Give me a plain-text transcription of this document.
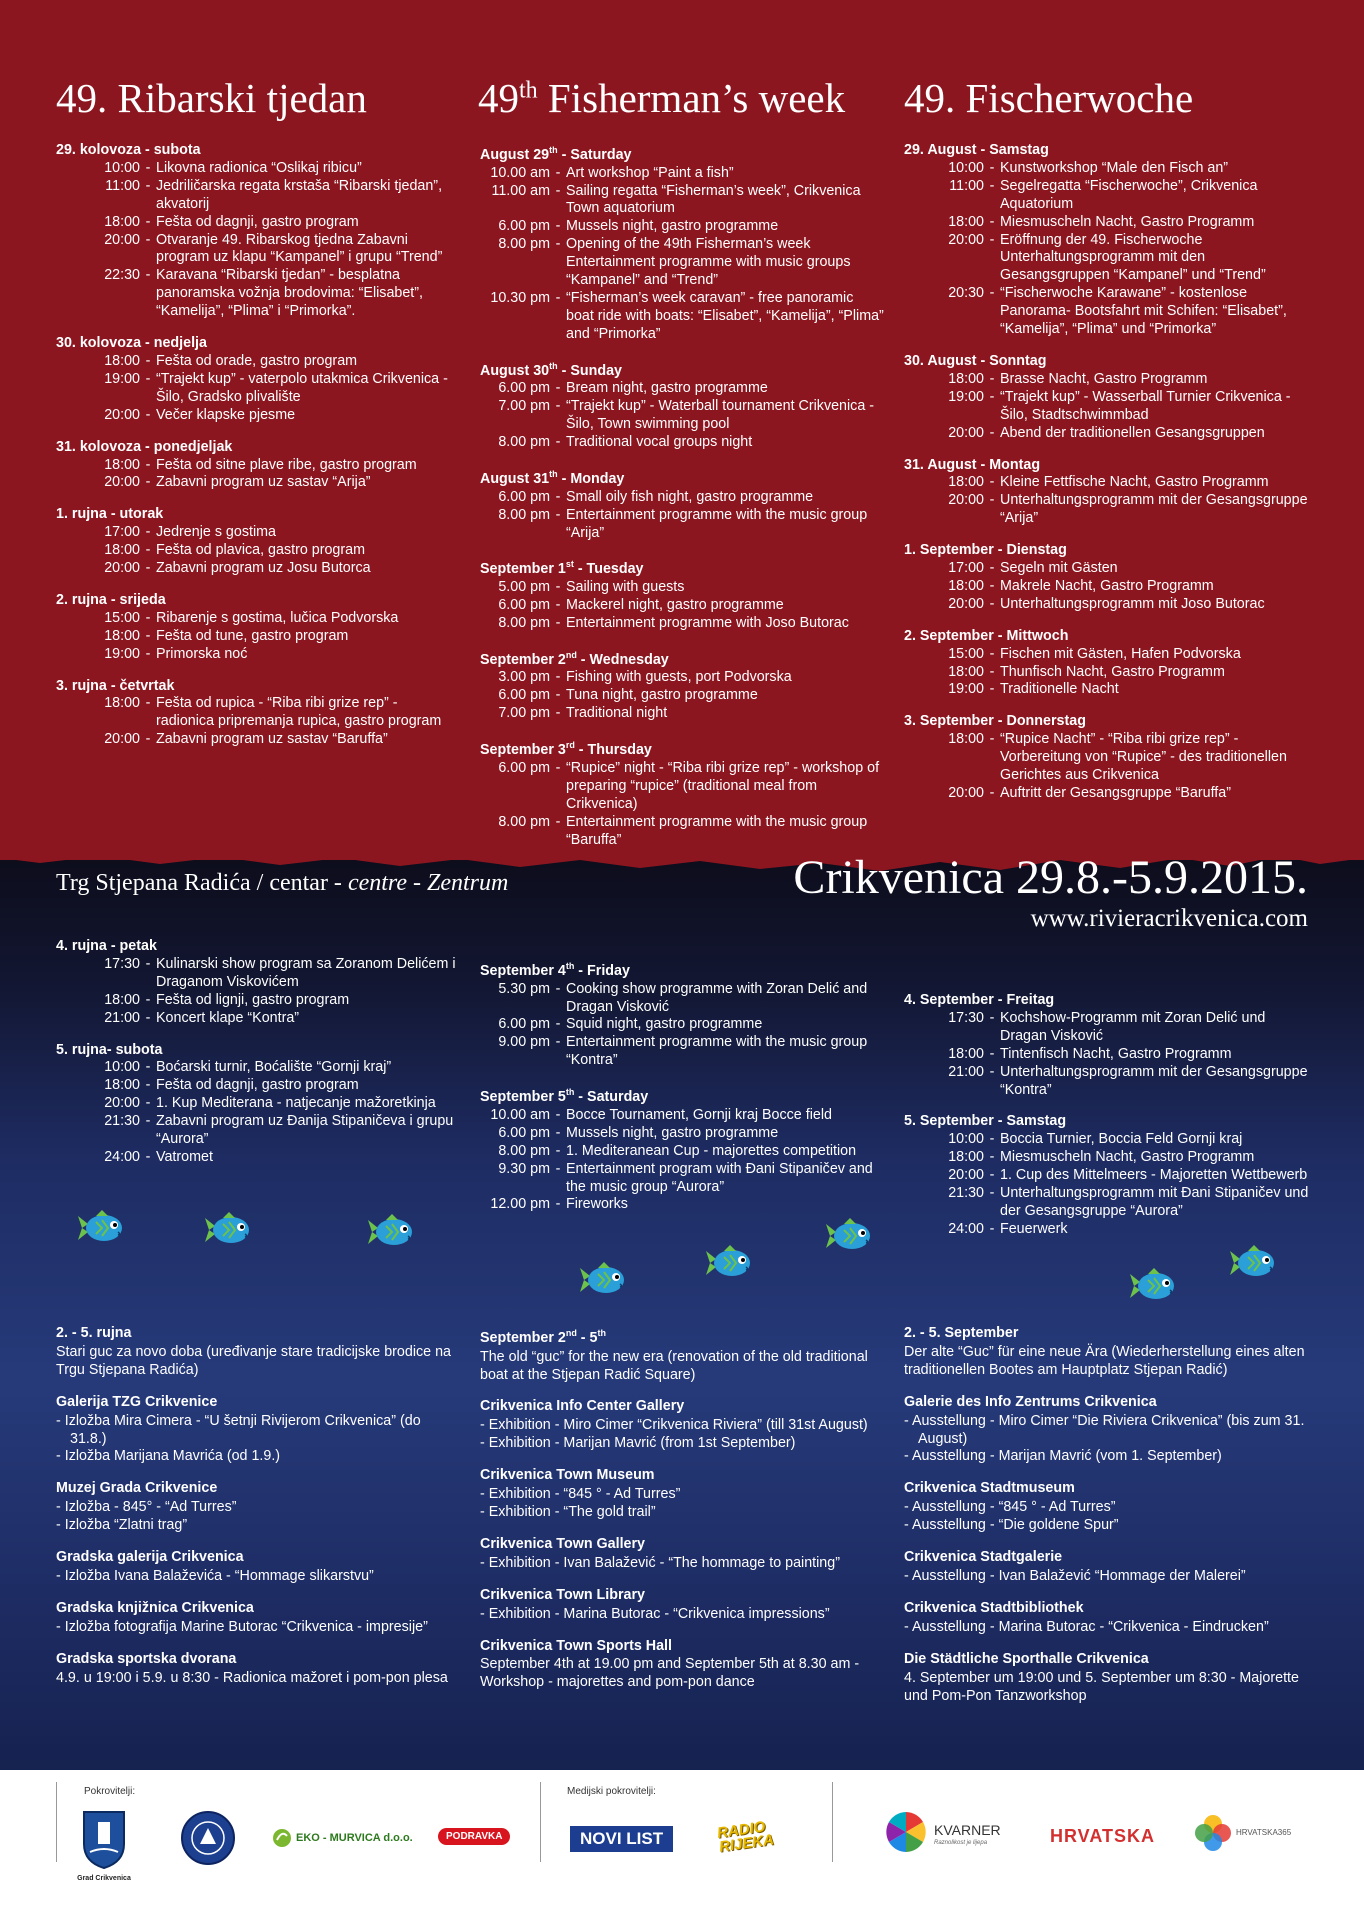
49. Ribarski tjedan	49th Fisherman’s week 49. Fischerwoche
29. kolovoza - subota
10:00 - Likovna radionica “Oslikaj ribicu”
11:00 - Jedriličarska regata krstaša “Ribarski tjedan”, akvatorij
18:00 - Fešta od dagnji, gastro program
20:00 - Otvaranje 49. Ribarskog tjedna Zabavni program uz klapu “Kampanel” i grupu “Trend”
22:30 - Karavana “Ribarski tjedan” - besplatna panoramska vožnja brodovima: “Elisabet”, “Kamelija”, “Plima” i “Primorka”.
30. kolovoza - nedjelja
18:00 - Fešta od orade, gastro program
19:00 - “Trajekt kup” - vaterpolo utakmica Crikvenica - Šilo, Gradsko plivalište
20:00 - Večer klapske pjesme
31. kolovoza - ponedjeljak
18:00 - Fešta od sitne plave ribe, gastro program
20:00 - Zabavni program uz sastav “Arija”
1. rujna - utorak
17:00 - Jedrenje s gostima
18:00 - Fešta od plavica, gastro program
20:00 - Zabavni program uz Josu Butorca
2. rujna - srijeda
15:00 - Ribarenje s gostima, lučica Podvorska
18:00 - Fešta od tune, gastro program
19:00 - Primorska noć
3. rujna - četvrtak
18:00 - Fešta od rupica - “Riba ribi grize rep” - radionica pripremanja rupica, gastro program
20:00 - Zabavni program uz sastav “Baruffa”
August 29th - Saturday
10.00 am - Art workshop “Paint a fish”
11.00 am - Sailing regatta “Fisherman’s week”, Crikvenica Town aquatorium
6.00 pm - Mussels night, gastro programme
8.00 pm - Opening of the 49th Fisherman’s week Entertainment programme with music groups “Kampanel” and “Trend”
10.30 pm - “Fisherman’s week caravan” - free panoramic boat ride with boats: “Elisabet”, “Kamelija”, “Plima” and “Primorka”
August 30th - Sunday
6.00 pm - Bream night, gastro programme
7.00 pm - “Trajekt kup” - Waterball tournament Crikvenica - Šilo, Town swimming pool
8.00 pm - Traditional vocal groups night
August 31th - Monday
6.00 pm - Small oily fish night, gastro programme
8.00 pm - Entertainment programme with the music group “Arija”
September 1st - Tuesday
5.00 pm - Sailing with guests
6.00 pm - Mackerel night, gastro programme
8.00 pm - Entertainment programme with Joso Butorac
September 2nd - Wednesday
3.00 pm - Fishing with guests, port Podvorska
6.00 pm - Tuna night, gastro programme
7.00 pm - Traditional night
September 3rd - Thursday
6.00 pm - “Rupice” night - “Riba ribi grize rep” - workshop of preparing “rupice” (traditional meal from Crikvenica)
8.00 pm - Entertainment programme with the music group “Baruffa”
29. August - Samstag
10:00 - Kunstworkshop “Male den Fisch an”
11:00 - Segelregatta “Fischerwoche”, Crikvenica Aquatorium
18:00 - Miesmuscheln Nacht, Gastro Programm
20:00 - Eröffnung der 49. Fischerwoche Unterhaltungsprogramm mit den Gesangsgruppen “Kampanel” und “Trend”
20:30 - “Fischerwoche Karawane” - kostenlose Panorama- Bootsfahrt mit Schifen: “Elisabet”, “Kamelija”, “Plima” und “Primorka”
30. August - Sonntag
18:00 - Brasse Nacht, Gastro Programm
19:00 - “Trajekt kup” - Wasserball Turnier Crikvenica - Šilo, Stadtschwimmbad
20:00 - Abend der traditionellen Gesangsgruppen
31. August - Montag
18:00 - Kleine Fettfische Nacht, Gastro Programm
20:00 - Unterhaltungsprogramm mit der Gesangsgruppe “Arija”
1. September - Dienstag
17:00 - Segeln mit Gästen
18:00 - Makrele Nacht, Gastro Programm
20:00 - Unterhaltungsprogramm mit Joso Butorac
2. September - Mittwoch
15:00 - Fischen mit Gästen, Hafen Podvorska
18:00 - Thunfisch Nacht, Gastro Programm
19:00 - Traditionelle Nacht
3. September - Donnerstag
18:00 - “Rupice Nacht” - “Riba ribi grize rep” - Vorbereitung von “Rupice” - des traditionellen Gerichtes aus Crikvenica
20:00 - Auftritt der Gesangsgruppe “Baruffa”
Trg Stjepana Radića / centar - centre - Zentrum	Crikvenica 29.8.-5.9.2015.
www.rivieracrikvenica.com
4. rujna - petak
17:30 - Kulinarski show program sa Zoranom Delićem i Draganom Viskovićem
18:00 - Fešta od lignji, gastro program
21:00 - Koncert klape “Kontra”
5. rujna- subota
10:00 - Boćarski turnir, Boćalište “Gornji kraj”
18:00 - Fešta od dagnji, gastro program
20:00 - 1. Kup Mediterana - natjecanje mažoretkinja
21:30 - Zabavni program uz Đanija Stipaničeva i grupu “Aurora”
24:00 - Vatromet
September 4th - Friday
5.30 pm - Cooking show programme with Zoran Delić and Dragan Visković
6.00 pm - Squid night, gastro programme
9.00 pm - Entertainment programme with the music group “Kontra”
September 5th - Saturday
10.00 am - Bocce Tournament, Gornji kraj Bocce field
6.00 pm - Mussels night, gastro programme
8.00 pm - 1. Mediteranean Cup - majorettes competition
9.30 pm - Entertainment program with Đani Stipaničev and the music group “Aurora”
12.00 pm - Fireworks
4. September - Freitag
17:30 - Kochshow-Programm mit Zoran Delić und Dragan Visković
18:00 - Tintenfisch Nacht, Gastro Programm
21:00 - Unterhaltungsprogramm mit der Gesangsgruppe “Kontra”
5. September - Samstag
10:00 - Boccia Turnier, Boccia Feld Gornji kraj
18:00 - Miesmuscheln Nacht, Gastro Programm
20:00 - 1. Cup des Mittelmeers - Majoretten Wettbewerb
21:30 - Unterhaltungsprogramm mit Đani Stipaničev und der Gesangsgruppe “Aurora”
24:00 - Feuerwerk
2. - 5. rujna
Stari guc za novo doba (uređivanje stare tradicijske brodice na Trgu Stjepana Radića)
Galerija TZG Crikvenice
- Izložba Mira Cimera - “U šetnji Rivijerom Crikvenica” (do 31.8.)
- Izložba Marijana Mavrića (od 1.9.)
Muzej Grada Crikvenice
- Izložba - 845° - “Ad Turres”
- Izložba “Zlatni trag”
Gradska galerija Crikvenica
- Izložba Ivana Balaževića - “Hommage slikarstvu”
Gradska knjižnica Crikvenica
- Izložba fotografija Marine Butorac “Crikvenica - impresije”
Gradska sportska dvorana
4.9. u 19:00 i 5.9. u 8:30 - Radionica mažoret i pom-pon plesa
September 2nd - 5th
The old “guc” for the new era (renovation of the old traditional boat at the Stjepan Radić Square)
Crikvenica Info Center Gallery
- Exhibition - Miro Cimer “Crikvenica Riviera” (till 31st August)
- Exhibition - Marijan Mavrić (from 1st September)
Crikvenica Town Museum
- Exhibition - “845 ° - Ad Turres”
- Exhibition - “The gold trail”
Crikvenica Town Gallery
- Exhibition - Ivan Balažević - “The hommage to painting”
Crikvenica Town Library
- Exhibition - Marina Butorac - “Crikvenica impressions”
Crikvenica Town Sports Hall
September 4th at 19.00 pm and September 5th at 8.30 am - Workshop - majorettes and pom-pon dance
2. - 5. September
Der alte “Guc” für eine neue Ära (Wiederherstellung eines alten traditionellen Bootes am Hauptplatz Stjepan Radić)
Galerie des Info Zentrums Crikvenica
- Ausstellung - Miro Cimer “Die Riviera Crikvenica” (bis zum 31. August)
- Ausstellung - Marijan Mavrić (vom 1. September)
Crikvenica Stadtmuseum
- Ausstellung - “845 ° - Ad Turres”
- Ausstellung - “Die goldene Spur”
Crikvenica Stadtgalerie
- Ausstellung - Ivan Balažević “Hommage der Malerei”
Crikvenica Stadtbibliothek
- Ausstellung - Marina Butorac - “Crikvenica - Eindrucken”
Die Städtliche Sporthalle Crikvenica
4. September um 19:00 und 5. September um 8:30 - Majorette und Pom-Pon Tanzworkshop
Pokrovitelji:	Medijski pokrovitelji:
Grad Crikvenica
EKO - MURVICA d.o.o.	PODRAVKA	NOVI LIST	RADIO RIJEKA
KVARNER
Raznolikost je lijepa	HRVATSKA	HRVATSKA365
